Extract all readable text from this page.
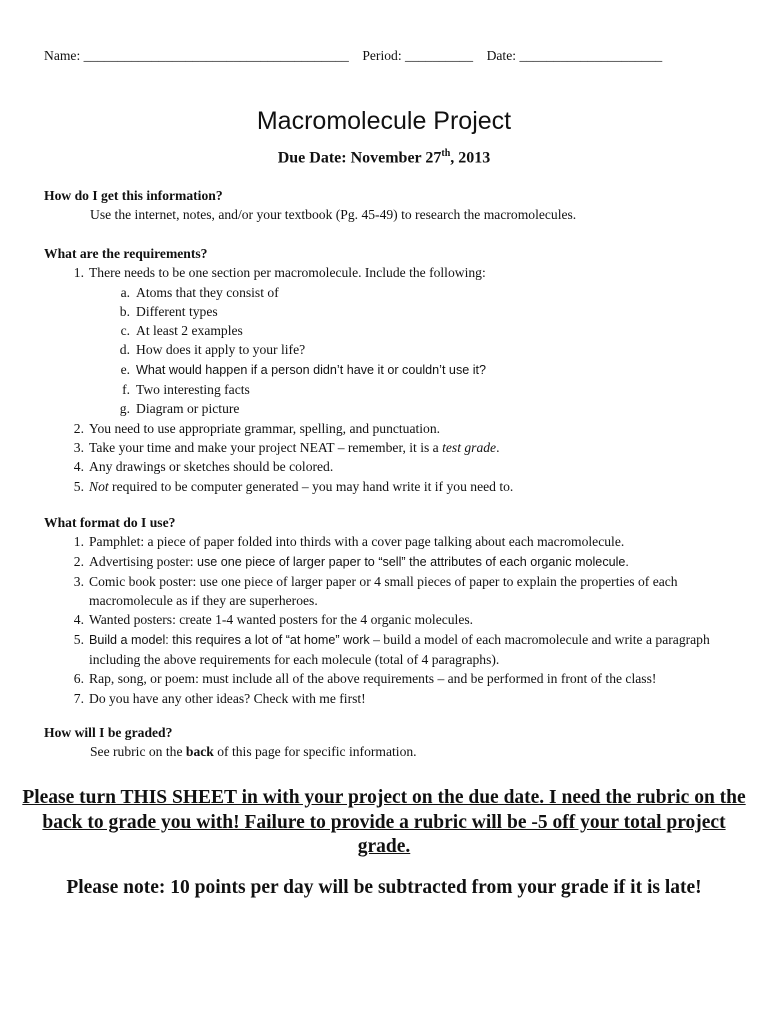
Name: _______________________________________ Period: __________ Date: _____________________
Macromolecule Project
Due Date: November 27th, 2013
How do I get this information?
Use the internet, notes, and/or your textbook (Pg. 45-49) to research the macromolecules.
What are the requirements?
1. There needs to be one section per macromolecule. Include the following:
a. Atoms that they consist of
b. Different types
c. At least 2 examples
d. How does it apply to your life?
e. What would happen if a person didn’t have it or couldn’t use it?
f. Two interesting facts
g. Diagram or picture
2. You need to use appropriate grammar, spelling, and punctuation.
3. Take your time and make your project NEAT – remember, it is a test grade.
4. Any drawings or sketches should be colored.
5. Not required to be computer generated – you may hand write it if you need to.
What format do I use?
1. Pamphlet: a piece of paper folded into thirds with a cover page talking about each macromolecule.
2. Advertising poster: use one piece of larger paper to “sell” the attributes of each organic molecule.
3. Comic book poster: use one piece of larger paper or 4 small pieces of paper to explain the properties of each macromolecule as if they are superheroes.
4. Wanted posters: create 1-4 wanted posters for the 4 organic molecules.
5. Build a model: this requires a lot of “at home” work – build a model of each macromolecule and write a paragraph including the above requirements for each molecule (total of 4 paragraphs).
6. Rap, song, or poem: must include all of the above requirements – and be performed in front of the class!
7. Do you have any other ideas? Check with me first!
How will I be graded?
See rubric on the back of this page for specific information.
Please turn THIS SHEET in with your project on the due date. I need the rubric on the back to grade you with! Failure to provide a rubric will be -5 off your total project grade.
Please note: 10 points per day will be subtracted from your grade if it is late!
